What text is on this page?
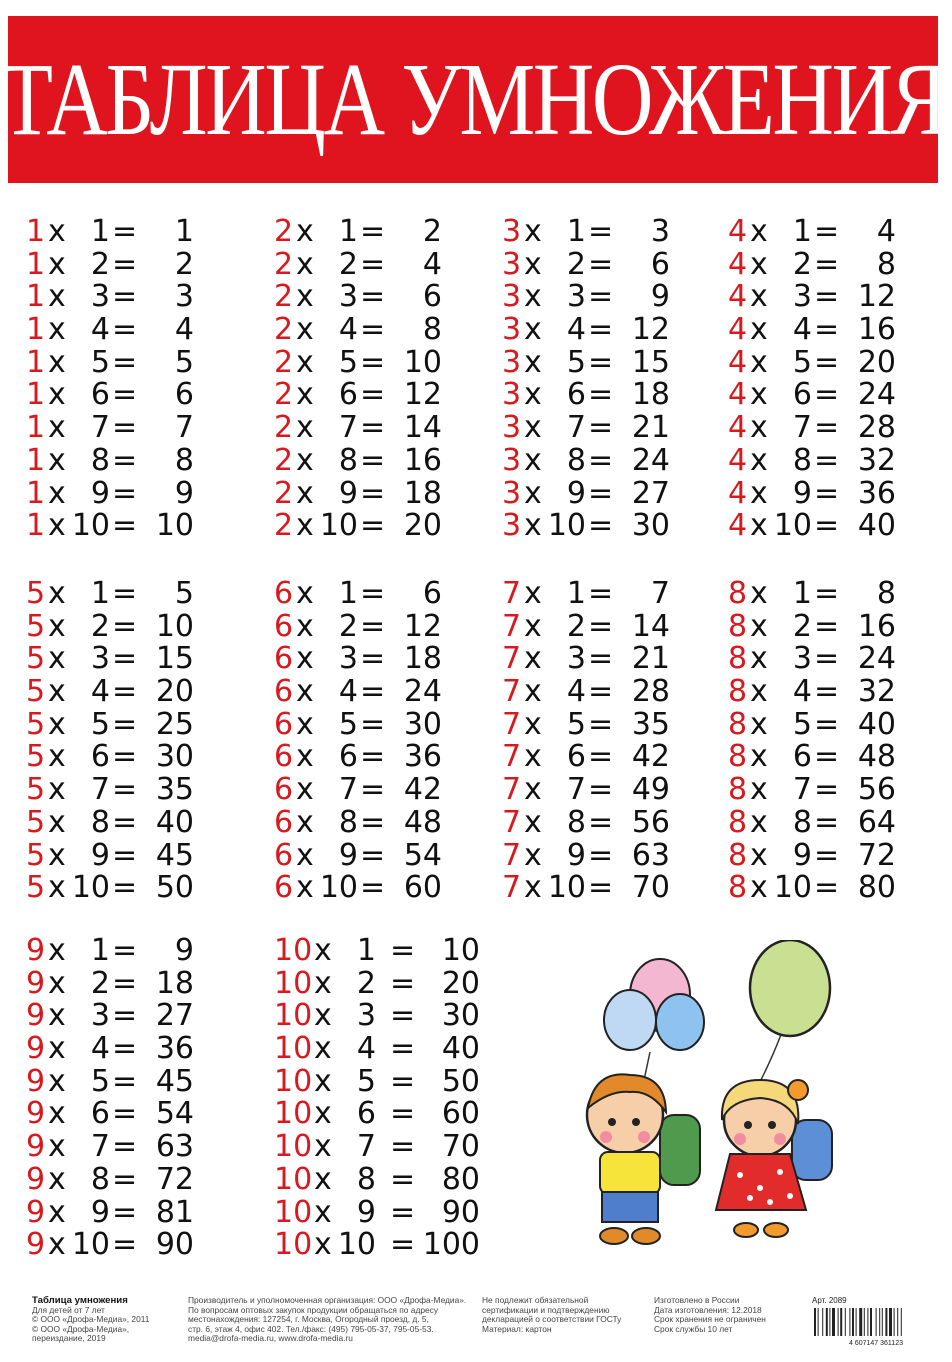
ТАБЛИЦА УМНОЖЕНИЯ
1 x 1 =	1
1 x 2 =	2
1 x 3 =	3
1 x 4 =	4
1 x 5 =	5
1 x 6 =	6
1 x 7 =	7
1 x 8 =	8
1 x 9 =	9
1 x 10 = 10
2 x 1 =	2
2 x 2 =	4
2 x 3 =	6
2 x 4 =	8
2 x 5 = 10
2 x 6 = 12
2 x 7 = 14
2 x 8 = 16
2 x 9 = 18
2 x 10 = 20
3 x 1 =	3
3 x 2 =	6
3 x 3 =	9
3 x 4 = 12
3 x 5 = 15
3 x 6 = 18
3 x 7 = 21
3 x 8 = 24
3 x 9 = 27
3 x 10 = 30
4 x 1 =	4
4 x 2 =	8
4 x 3 = 12
4 x 4 = 16
4 x 5 = 20
4 x 6 = 24
4 x 7 = 28
4 x 8 = 32
4 x 9 = 36
4 x 10 = 40
5 x 1 =	5
5 x 2 = 10
5 x 3 = 15
5 x 4 = 20
5 x 5 = 25
5 x 6 = 30
5 x 7 = 35
5 x 8 = 40
5 x 9 = 45
5 x 10 = 50
6 x 1 =	6
6 x 2 = 12
6 x 3 = 18
6 x 4 = 24
6 x 5 = 30
6 x 6 = 36
6 x 7 = 42
6 x 8 = 48
6 x 9 = 54
6 x 10 = 60
7 x 1 =	7
7 x 2 = 14
7 x 3 = 21
7 x 4 = 28
7 x 5 = 35
7 x 6 = 42
7 x 7 = 49
7 x 8 = 56
7 x 9 = 63
7 x 10 = 70
8 x 1 =	8
8 x 2 = 16
8 x 3 = 24
8 x 4 = 32
8 x 5 = 40
8 x 6 = 48
8 x 7 = 56
8 x 8 = 64
8 x 9 = 72
8 x 10 = 80
9 x 1 =	9
9 x 2 = 18
9 x 3 = 27
9 x 4 = 36
9 x 5 = 45
9 x 6 = 54
9 x 7 = 63
9 x 8 = 72
9 x 9 = 81
9 x 10 = 90
10 x 1 = 10
10 x 2 = 20
10 x 3 = 30
10 x 4 = 40
10 x 5 = 50
10 x 6 = 60
10 x 7 = 70
10 x 8 = 80
10 x 9 = 90
10 x 10 = 100
Таблица умножения
Для детей от 7 лет
© ООО «Дрофа-Медиа», 2011
© ООО «Дрофа-Медиа»,
переиздание, 2019
Производитель и уполномоченная организация: ООО «Дрофа-Медиа».
По вопросам оптовых закупок продукции обращаться по адресу
местонахождения: 127254, г. Москва, Огородный проезд, д. 5,
стр. 6, этаж 4, офис 402. Тел./факс: (495) 795-05-37, 795-05-53.
media@drofa-media.ru, www.drofa-media.ru
Не подлежит обязательной
сертификации и подтверждению
декларацией о соответствии ГОСТу
Материал: картон
Изготовлено в России
Дата изготовления: 12.2018
Срок хранения не ограничен
Срок службы 10 лет
Арт. 2089
4 607147 361123
